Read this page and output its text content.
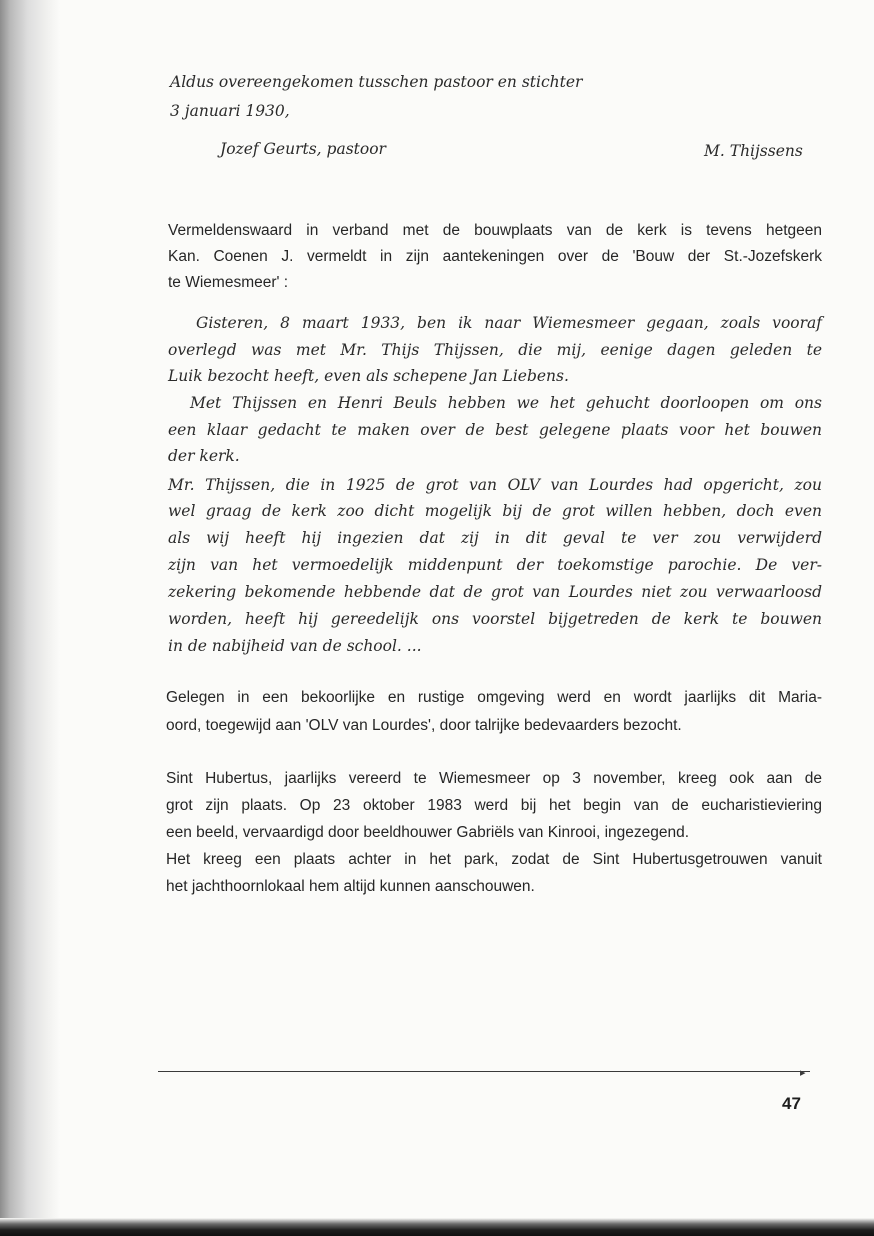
Aldus overeengekomen tusschen pastoor en stichter
3 januari 1930,
Jozef Geurts, pastoor	M. Thijssens
Vermeldenswaard in verband met de bouwplaats van de kerk is tevens hetgeen
Kan. Coenen J. vermeldt in zijn aantekeningen over de 'Bouw der St.-Jozefskerk
te Wiemesmeer' :
Gisteren, 8 maart 1933, ben ik naar Wiemesmeer gegaan, zoals vooraf
overlegd was met Mr. Thijs Thijssen, die mij, eenige dagen geleden te
Luik bezocht heeft, even als schepene Jan Liebens.
Met Thijssen en Henri Beuls hebben we het gehucht doorloopen om ons
een klaar gedacht te maken over de best gelegene plaats voor het bouwen
der kerk.
Mr. Thijssen, die in 1925 de grot van OLV van Lourdes had opgericht, zou
wel graag de kerk zoo dicht mogelijk bij de grot willen hebben, doch even
als wij heeft hij ingezien dat zij in dit geval te ver zou verwijderd
zijn van het vermoedelijk middenpunt der toekomstige parochie. De ver-
zekering bekomende hebbende dat de grot van Lourdes niet zou verwaarloosd
worden, heeft hij gereedelijk ons voorstel bijgetreden de kerk te bouwen
in de nabijheid van de school. ...
Gelegen in een bekoorlijke en rustige omgeving werd en wordt jaarlijks dit Maria-
oord, toegewijd aan 'OLV van Lourdes', door talrijke bedevaarders bezocht.
Sint Hubertus, jaarlijks vereerd te Wiemesmeer op 3 november, kreeg ook aan de
grot zijn plaats. Op 23 oktober 1983 werd bij het begin van de eucharistieviering
een beeld, vervaardigd door beeldhouwer Gabriëls van Kinrooi, ingezegend.
Het kreeg een plaats achter in het park, zodat de Sint Hubertusgetrouwen vanuit
het jachthoornlokaal hem altijd kunnen aanschouwen.
▸
47
